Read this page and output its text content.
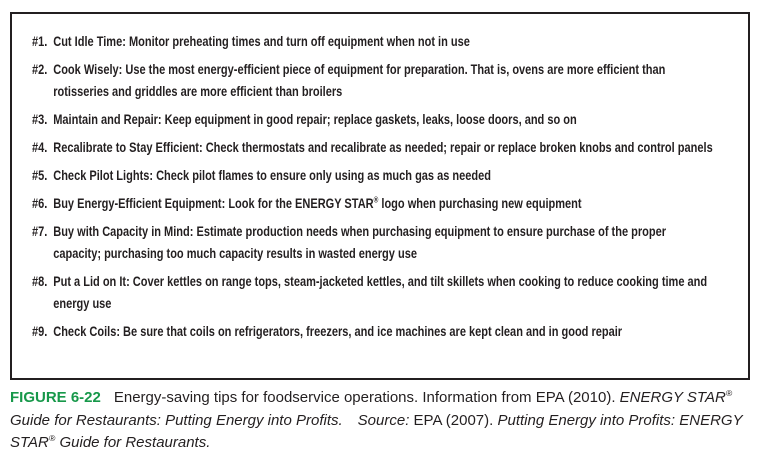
#1. Cut Idle Time: Monitor preheating times and turn off equipment when not in use
#2. Cook Wisely: Use the most energy-efficient piece of equipment for preparation. That is, ovens are more efficient than rotisseries and griddles are more efficient than broilers
#3. Maintain and Repair: Keep equipment in good repair; replace gaskets, leaks, loose doors, and so on
#4. Recalibrate to Stay Efficient: Check thermostats and recalibrate as needed; repair or replace broken knobs and control panels
#5. Check Pilot Lights: Check pilot flames to ensure only using as much gas as needed
#6. Buy Energy-Efficient Equipment: Look for the ENERGY STAR® logo when purchasing new equipment
#7. Buy with Capacity in Mind: Estimate production needs when purchasing equipment to ensure purchase of the proper capacity; purchasing too much capacity results in wasted energy use
#8. Put a Lid on It: Cover kettles on range tops, steam-jacketed kettles, and tilt skillets when cooking to reduce cooking time and energy use
#9. Check Coils: Be sure that coils on refrigerators, freezers, and ice machines are kept clean and in good repair

FIGURE 6-22 Energy-saving tips for foodservice operations. Information from EPA (2010). ENERGY STAR® Guide for Restaurants: Putting Energy into Profits. Source: EPA (2007). Putting Energy into Profits: ENERGY STAR® Guide for Restaurants.
